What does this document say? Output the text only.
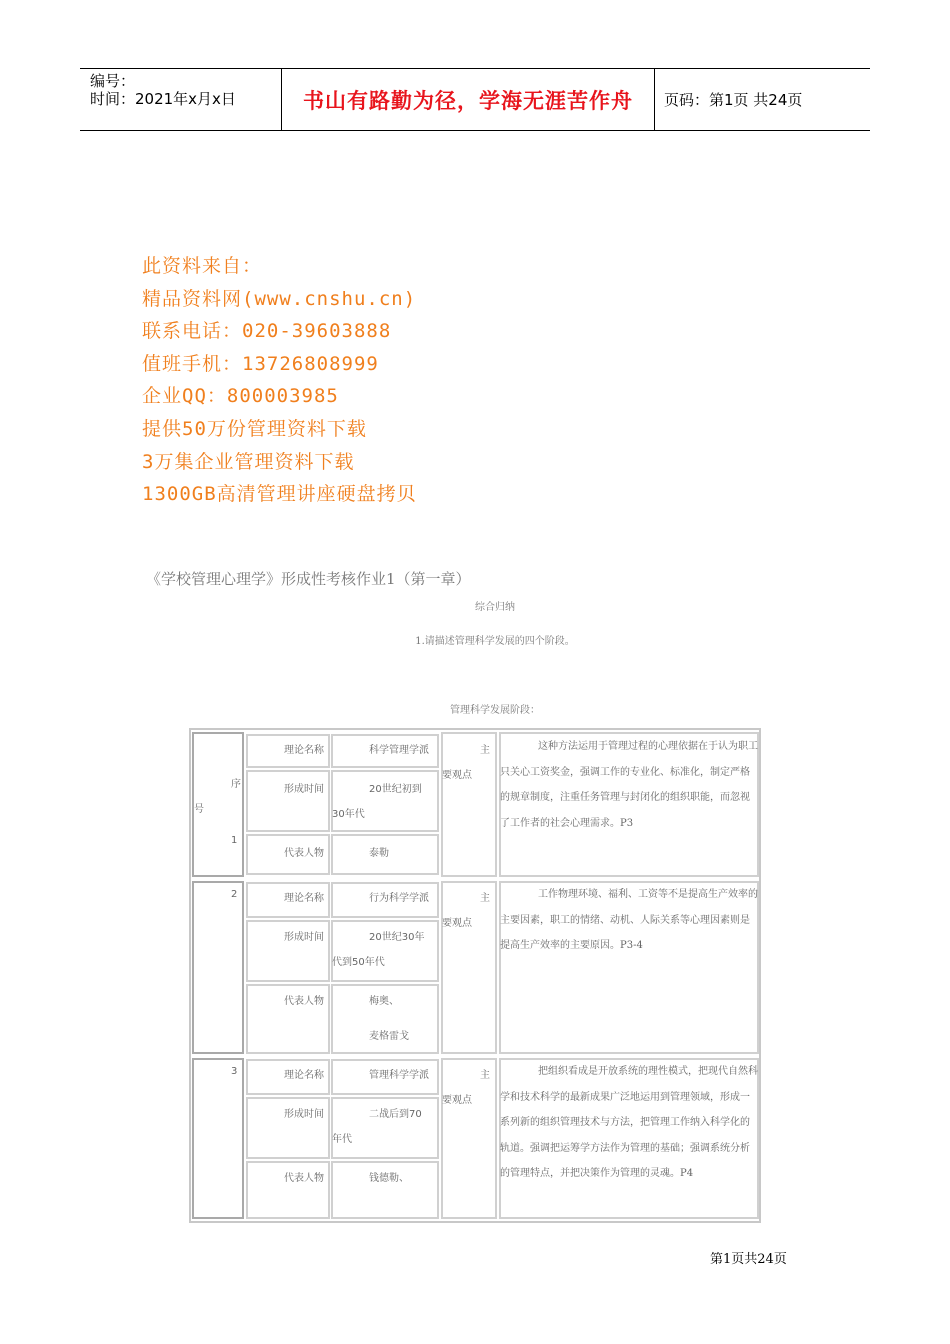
编号：
时间：2021年x月x日	书山有路勤为径，学海无涯苦作舟 页码：第1页 共24页
此资料来自：
精品资料网(www.cnshu.cn)
联系电话：020-39603888
值班手机：13726808999
企业QQ：800003985
提供50万份管理资料下载
3万集企业管理资料下载
1300GB高清管理讲座硬盘拷贝
《学校管理心理学》形成性考核作业1（第一章）
综合归纳
1.请描述管理科学发展的四个阶段。
管理科学发展阶段：
序
号
1
理论名称	科学管理学派
形成时间	20世纪初到
30年代
代表人物	泰勒
主
要观点
这种方法运用于管理过程的心理依据在于认为职工只关心工资奖金，强调工作的专业化、标准化，制定严格的规章制度，注重任务管理与封闭化的组织职能，而忽视了工作者的社会心理需求。P3
2	理论名称	行为科学学派
形成时间	20世纪30年
代到50年代
代表人物	梅奥、
麦格雷戈
主
要观点
工作物理环境、福利、工资等不是提高生产效率的主要因素，职工的情绪、动机、人际关系等心理因素则是提高生产效率的主要原因。P3-4
3	理论名称	管理科学学派
形成时间	二战后到70
年代
代表人物	钱德勒、
主
要观点
把组织看成是开放系统的理性模式，把现代自然科学和技术科学的最新成果广泛地运用到管理领域，形成一系列新的组织管理技术与方法，把管理工作纳入科学化的轨道。强调把运筹学方法作为管理的基础；强调系统分析的管理特点，并把决策作为管理的灵魂。P4
第1页共24页
